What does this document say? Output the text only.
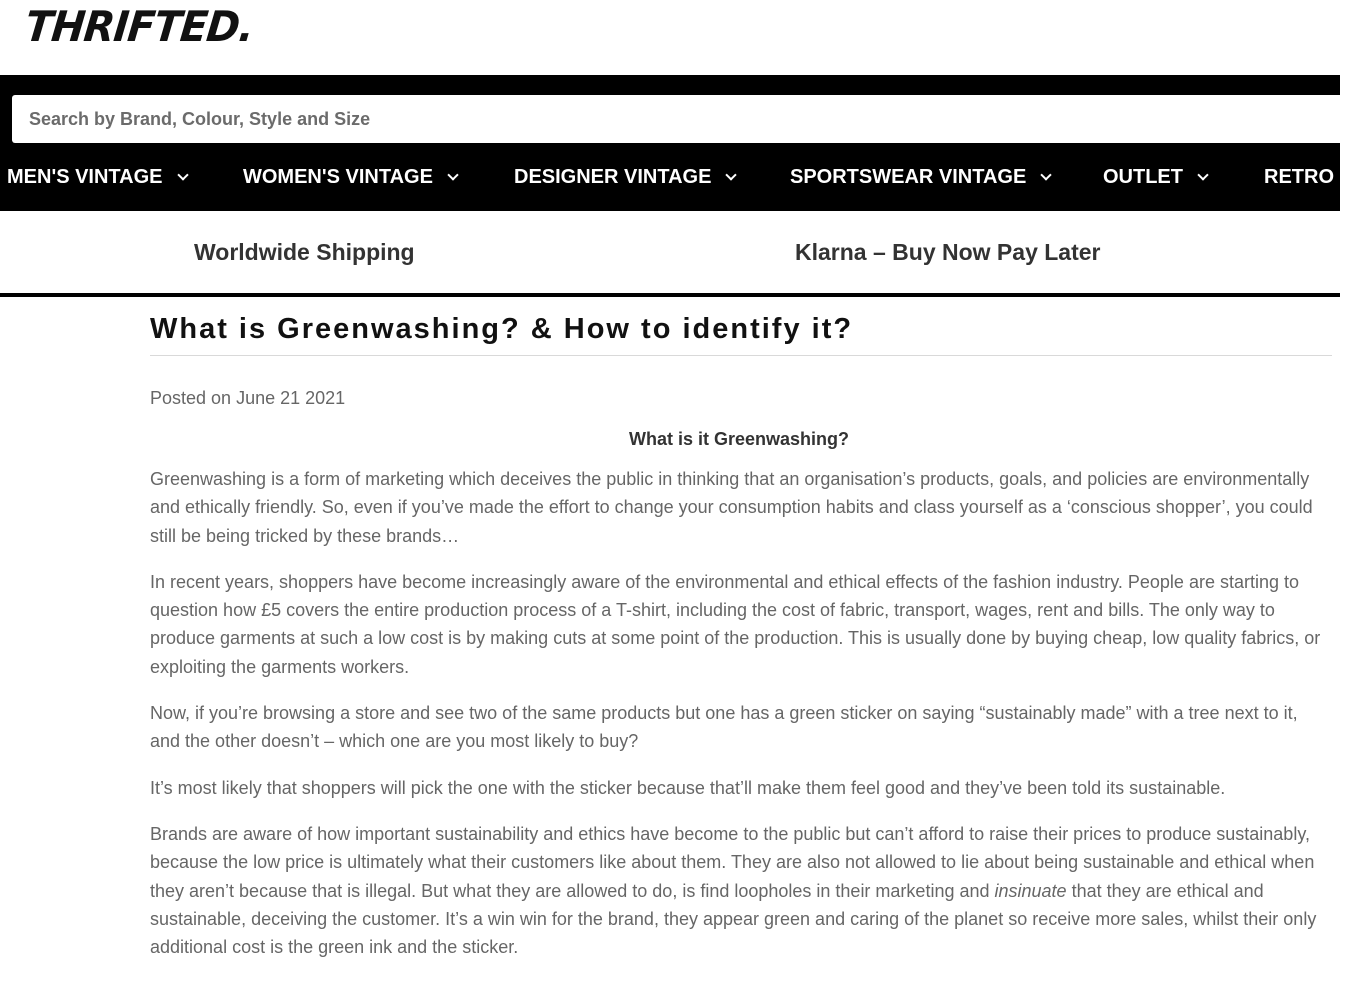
THRIFTED.
Search by Brand, Colour, Style and Size
MEN'S VINTAGE	WOMEN'S VINTAGE	DESIGNER VINTAGE	SPORTSWEAR VINTAGE	OUTLET	RETRO S
Worldwide Shipping	Klarna – Buy Now Pay Later
What is Greenwashing? & How to identify it?
Posted on June 21 2021
What is it Greenwashing?

Greenwashing is a form of marketing which deceives the public in thinking that an organisation’s products, goals, and policies are environmentally and ethically friendly. So, even if you’ve made the effort to change your consumption habits and class yourself as a ‘conscious shopper’, you could still be being tricked by these brands…

In recent years, shoppers have become increasingly aware of the environmental and ethical effects of the fashion industry. People are starting to question how £5 covers the entire production process of a T-shirt, including the cost of fabric, transport, wages, rent and bills. The only way to produce garments at such a low cost is by making cuts at some point of the production. This is usually done by buying cheap, low quality fabrics, or exploiting the garments workers.

Now, if you’re browsing a store and see two of the same products but one has a green sticker on saying “sustainably made” with a tree next to it, and the other doesn’t – which one are you most likely to buy?

It’s most likely that shoppers will pick the one with the sticker because that’ll make them feel good and they’ve been told its sustainable.

Brands are aware of how important sustainability and ethics have become to the public but can’t afford to raise their prices to produce sustainably, because the low price is ultimately what their customers like about them. They are also not allowed to lie about being sustainable and ethical when they aren’t because that is illegal. But what they are allowed to do, is find loopholes in their marketing and insinuate that they are ethical and sustainable, deceiving the customer. It’s a win win for the brand, they appear green and caring of the planet so receive more sales, whilst their only additional cost is the green ink and the sticker.
